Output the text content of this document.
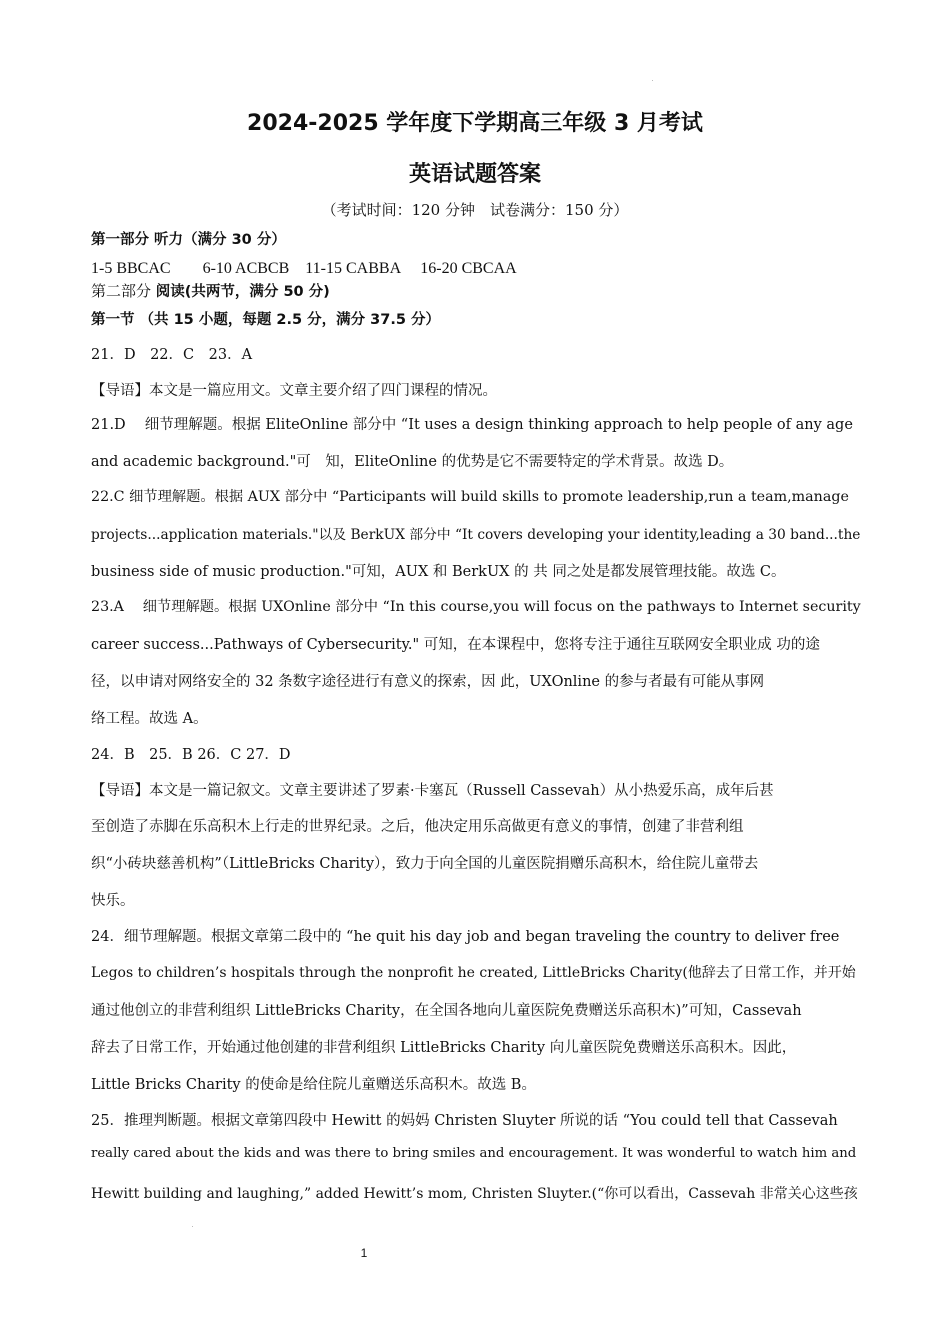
2024-2025 学年度下学期高三年级 3 月考试
英语试题答案
（考试时间：120 分钟　试卷满分：150 分）
第一部分 听力（满分 30 分）
1-5 BBCAC　　6-10 ACBCB　11-15 CABBA　 16-20 CBCAA
第二部分 阅读(共两节，满分 50 分)
第一节 （共 15 小题，每题 2.5 分，满分 37.5 分）
21．D　22．C　23．A
【导语】本文是一篇应用文。文章主要介绍了四门课程的情况。
21.D　 细节理解题。根据 EliteOnline 部分中 “It uses a design thinking approach to help people of any age
and academic background."可　知，EliteOnline 的优势是它不需要特定的学术背景。故选 D。
22.C 细节理解题。根据 AUX 部分中 “Participants will build skills to promote leadership,run a team,manage
projects...application materials."以及 BerkUX 部分中 “It covers developing your identity,leading a 30 band...the
business side of music production."可知，AUX 和 BerkUX 的 共 同之处是都发展管理技能。故选 C。
23.A　 细节理解题。根据 UXOnline 部分中 “In this course,you will focus on the pathways to Internet security
career success...Pathways of Cybersecurity." 可知，在本课程中，您将专注于通往互联网安全职业成 功的途
径，以申请对网络安全的 32 条数字途径进行有意义的探索，因 此，UXOnline 的参与者最有可能从事网
络工程。故选 A。
24．B　25．B 26．C 27．D
【导语】本文是一篇记叙文。文章主要讲述了罗素·卡塞瓦（Russell Cassevah）从小热爱乐高，成年后甚
至创造了赤脚在乐高积木上行走的世界纪录。之后，他决定用乐高做更有意义的事情，创建了非营利组
织“小砖块慈善机构”（LittleBricks Charity），致力于向全国的儿童医院捐赠乐高积木，给住院儿童带去
快乐。
24．细节理解题。根据文章第二段中的 “he quit his day job and began traveling the country to deliver free
Legos to children’s hospitals through the nonprofit he created, LittleBricks Charity(他辞去了日常工作，并开始
通过他创立的非营利组织 LittleBricks Charity，在全国各地向儿童医院免费赠送乐高积木)”可知，Cassevah
辞去了日常工作，开始通过他创建的非营利组织 LittleBricks Charity 向儿童医院免费赠送乐高积木。因此，
Little Bricks Charity 的使命是给住院儿童赠送乐高积木。故选 B。
25．推理判断题。根据文章第四段中 Hewitt 的妈妈 Christen Sluyter 所说的话 “You could tell that Cassevah
really cared about the kids and was there to bring smiles and encouragement. It was wonderful to watch him and
Hewitt building and laughing,” added Hewitt’s mom, Christen Sluyter.(“你可以看出，Cassevah 非常关心这些孩
1
